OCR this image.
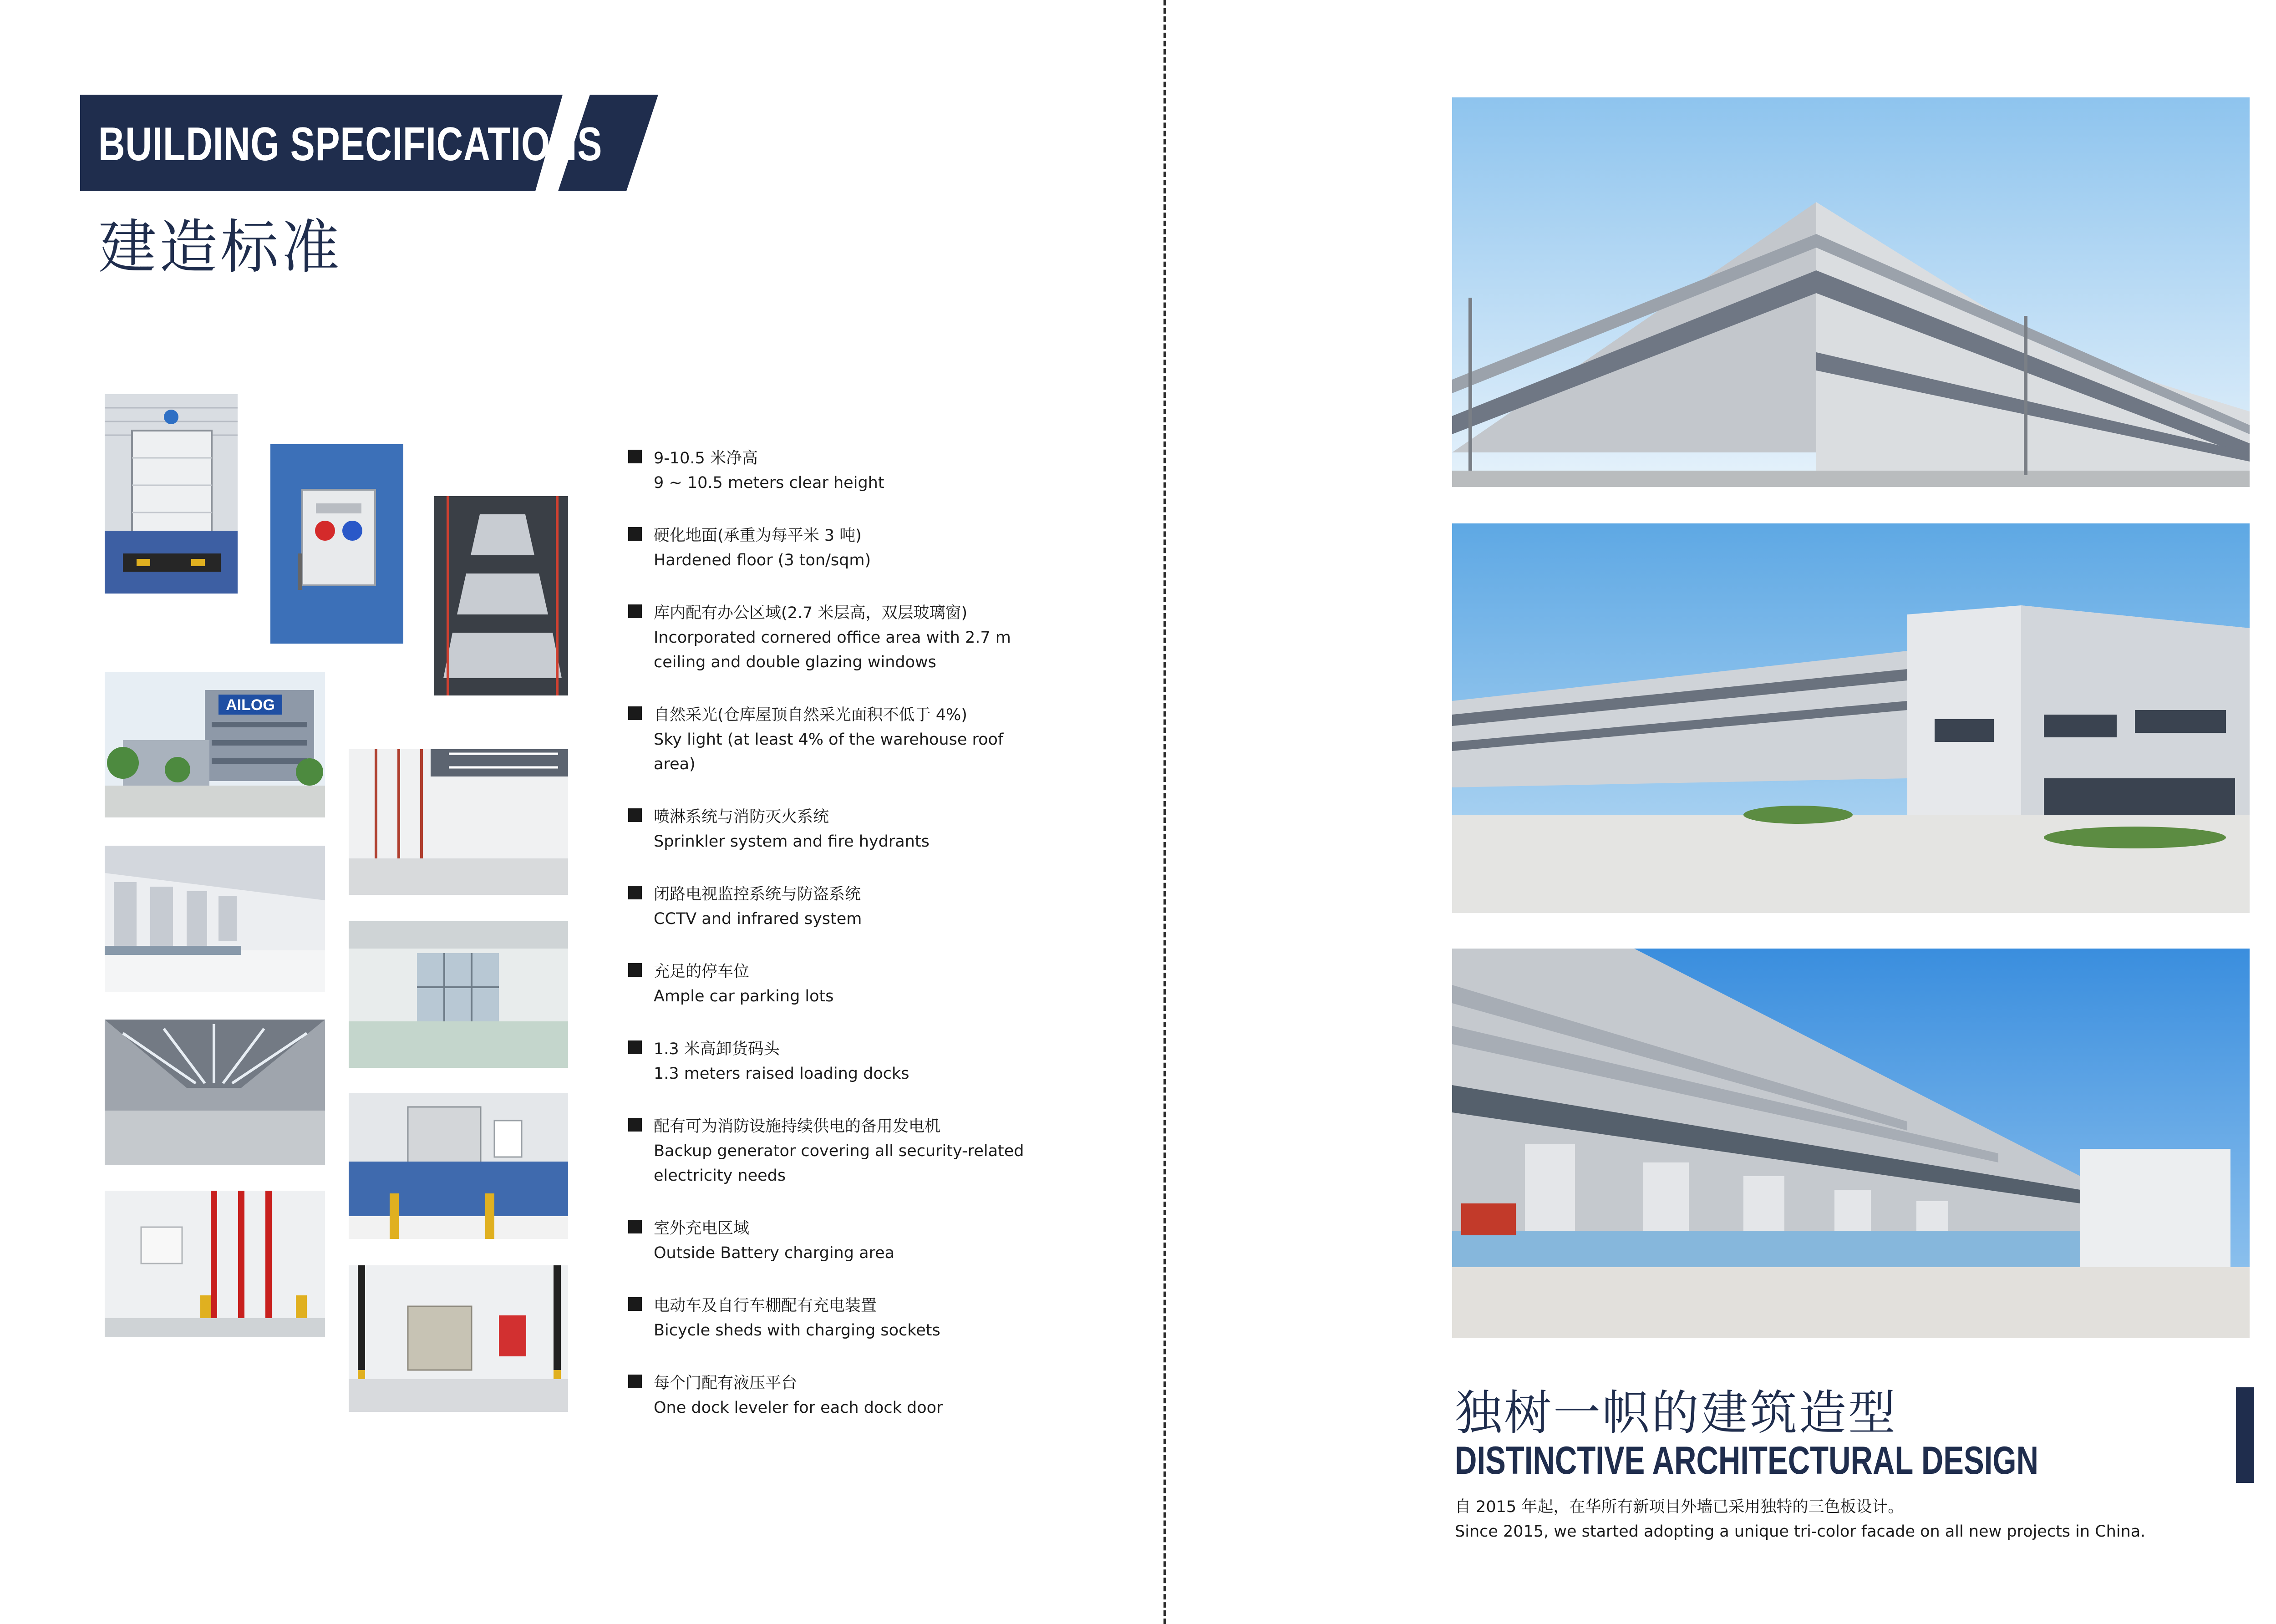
BUILDING SPECIFICATIONS
建造标准
AILOG
9-10.5 米净高
9 ~ 10.5 meters clear height
硬化地面(承重为每平米 3 吨)
Hardened floor (3 ton/sqm)
库内配有办公区域(2.7 米层高，双层玻璃窗)
Incorporated cornered office area with 2.7 m ceiling and double glazing windows
自然采光(仓库屋顶自然采光面积不低于 4%)
Sky light (at least 4% of the warehouse roof area)
喷淋系统与消防灭火系统
Sprinkler system and fire hydrants
闭路电视监控系统与防盗系统
CCTV and infrared system
充足的停车位
Ample car parking lots
1.3 米高卸货码头
1.3 meters raised loading docks
配有可为消防设施持续供电的备用发电机
Backup generator covering all security-related electricity needs
室外充电区域
Outside Battery charging area
电动车及自行车棚配有充电装置
Bicycle sheds with charging sockets
每个门配有液压平台
One dock leveler for each dock door	独树一帜的建筑造型
DISTINCTIVE ARCHITECTURAL DESIGN
自 2015 年起，在华所有新项目外墙已采用独特的三色板设计。
Since 2015, we started adopting a unique tri-color facade on all new projects in China.
